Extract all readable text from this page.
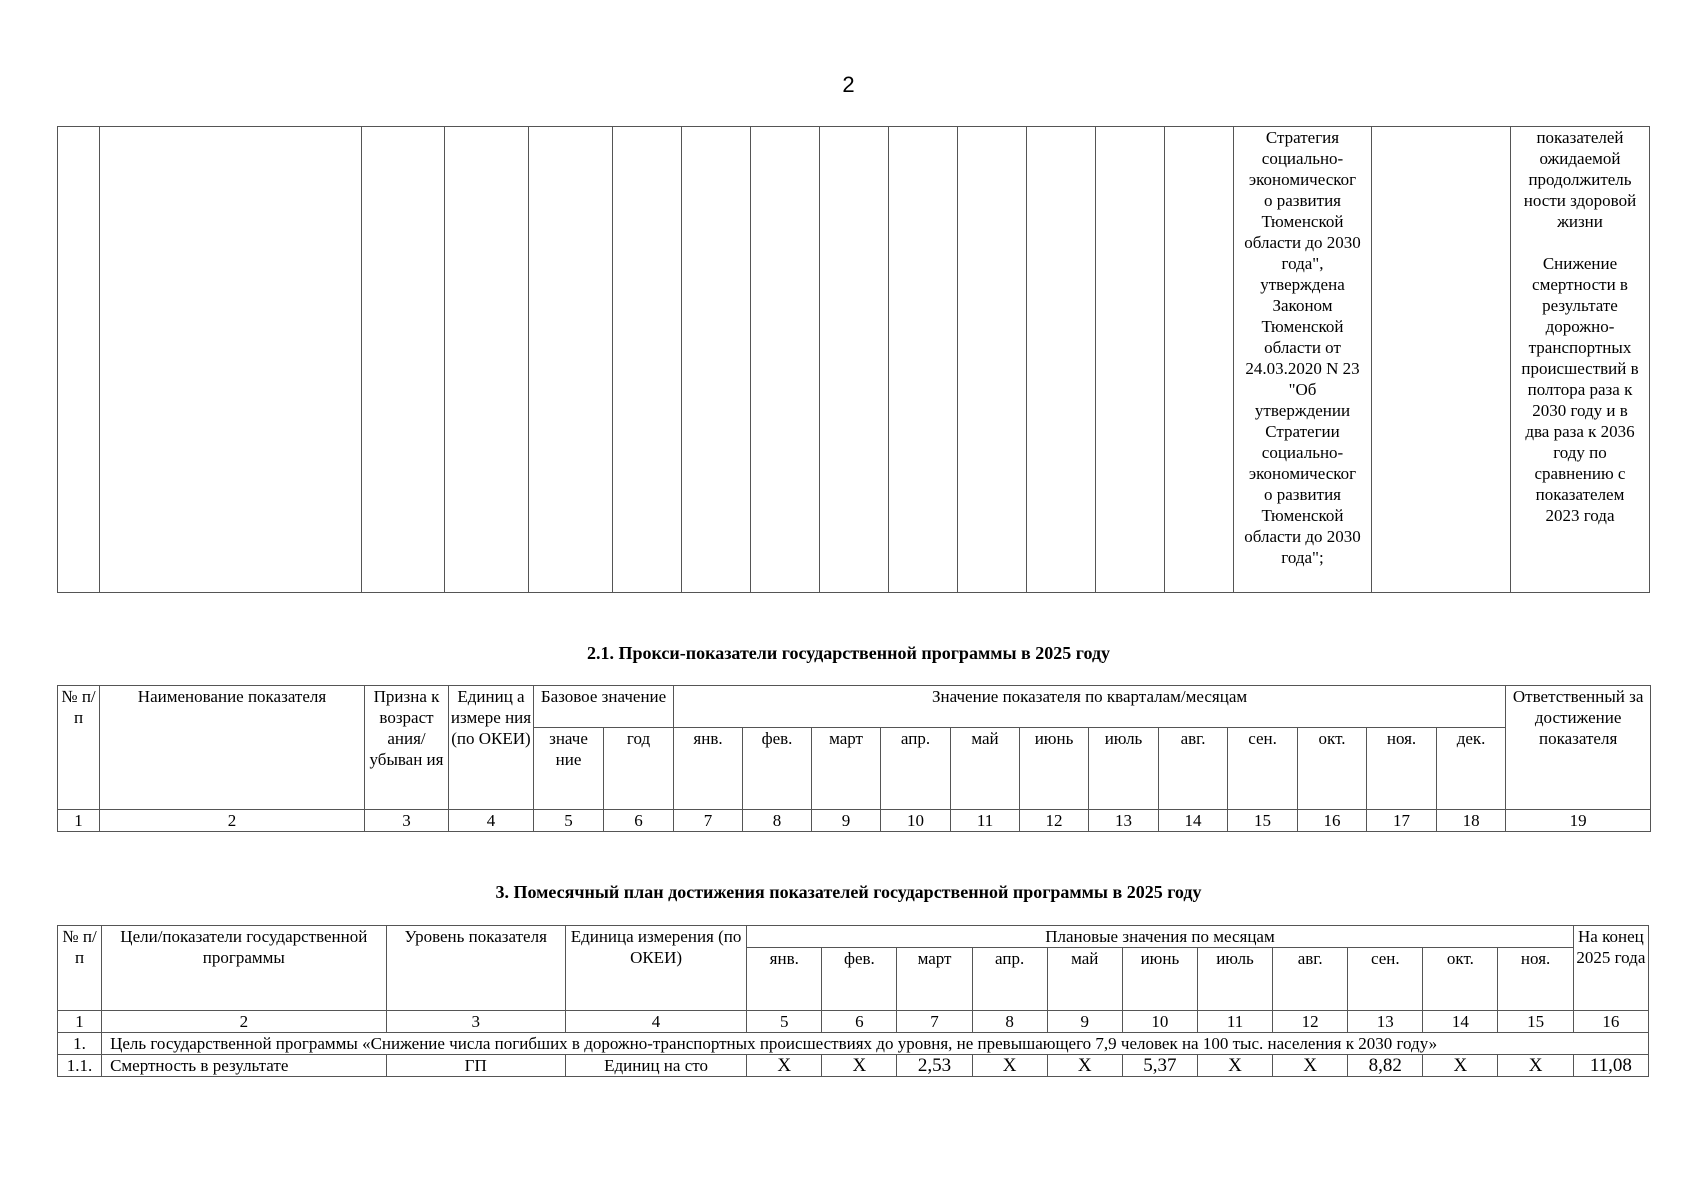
2
														Стратегия социально-экономическог о развития Тюменской области до 2030 года", утверждена Законом Тюменской области от 24.03.2020 N 23 "Об утверждении Стратегии социально-экономическог о развития Тюменской области до 2030 года";		показателей ожидаемой продолжитель ности здоровой жизни

Снижение смертности в результате дорожно-транспортных происшествий в полтора раза к 2030 году и в два раза к 2036 году по сравнению с показателем 2023 года
2.1. Прокси-показатели государственной программы в 2025 году
№ п/ п	Наименование показателя	Призна к возраст ания/ убыван ия	Единиц а измере ния (по ОКЕИ)	Базовое значение		Значение показателя по кварталам/месяцам												Ответственный за достижение показателя
				значе ние	год	янв.	фев.	март	апр.	май	июнь	июль	авг.	сен.	окт.	ноя.	дек.	
1	2	3	4	5	6	7	8	9	10	11	12	13	14	15	16	17	18	19
3. Помесячный план достижения показателей государственной программы в 2025 году
№ п/ п	Цели/показатели государственной программы	Уровень показателя	Единица измерения (по ОКЕИ)	Плановые значения по месяцам											На конец 2025 года
				янв.	фев.	март	апр.	май	июнь	июль	авг.	сен.	окт.	ноя.	
1	2	3	4	5	6	7	8	9	10	11	12	13	14	15	16
1.	Цель государственной программы «Снижение числа погибших в дорожно-транспортных происшествиях до уровня, не превышающего 7,9 человек на 100 тыс. населения к 2030 году»														
1.1.	Смертность в результате	ГП	Единиц на сто	X	X	2,53	X	X	5,37	X	X	8,82	X	X	11,08
